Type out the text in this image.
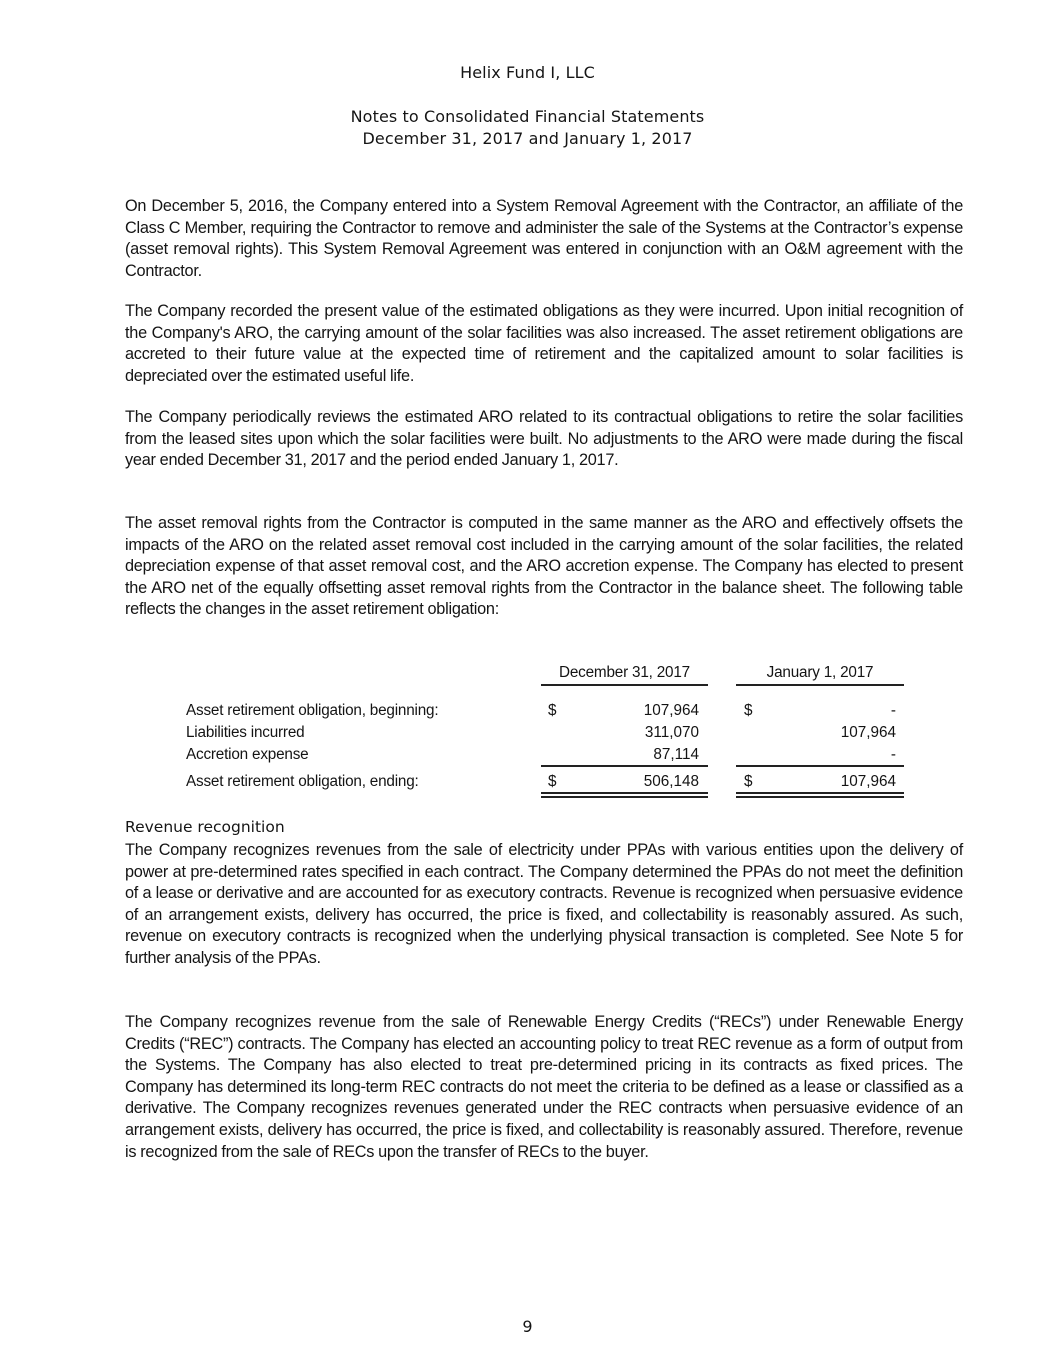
Helix Fund I, LLC
Notes to Consolidated Financial Statements
December 31, 2017 and January 1, 2017

On December 5, 2016, the Company entered into a System Removal Agreement with the Contractor, an affiliate of the Class C Member, requiring the Contractor to remove and administer the sale of the Systems at the Contractor’s expense (asset removal rights). This System Removal Agreement was entered in conjunction with an O&M agreement with the Contractor.

The Company recorded the present value of the estimated obligations as they were incurred. Upon initial recognition of the Company's ARO, the carrying amount of the solar facilities was also increased. The asset retirement obligations are accreted to their future value at the expected time of retirement and the capitalized amount to solar facilities is depreciated over the estimated useful life.

The Company periodically reviews the estimated ARO related to its contractual obligations to retire the solar facilities from the leased sites upon which the solar facilities were built. No adjustments to the ARO were made during the fiscal year ended December 31, 2017 and the period ended January 1, 2017.

The asset removal rights from the Contractor is computed in the same manner as the ARO and effectively offsets the impacts of the ARO on the related asset removal cost included in the carrying amount of the solar facilities, the related depreciation expense of that asset removal cost, and the ARO accretion expense. The Company has elected to present the ARO net of the equally offsetting asset removal rights from the Contractor in the balance sheet. The following table reflects the changes in the asset retirement obligation:

December 31, 2017	January 1, 2017
Asset retirement obligation, beginning:	$	107,964	$	-
Liabilities incurred	311,070	107,964
Accretion expense	87,114	-
Asset retirement obligation, ending:	$	506,148	$	107,964
Revenue recognition

The Company recognizes revenues from the sale of electricity under PPAs with various entities upon the delivery of power at pre-determined rates specified in each contract. The Company determined the PPAs do not meet the definition of a lease or derivative and are accounted for as executory contracts. Revenue is recognized when persuasive evidence of an arrangement exists, delivery has occurred, the price is fixed, and collectability is reasonably assured. As such, revenue on executory contracts is recognized when the underlying physical transaction is completed. See Note 5 for further analysis of the PPAs.

The Company recognizes revenue from the sale of Renewable Energy Credits (“RECs”) under Renewable Energy Credits (“REC”) contracts. The Company has elected an accounting policy to treat REC revenue as a form of output from the Systems. The Company has also elected to treat pre-determined pricing in its contracts as fixed prices. The Company has determined its long-term REC contracts do not meet the criteria to be defined as a lease or classified as a derivative. The Company recognizes revenues generated under the REC contracts when persuasive evidence of an arrangement exists, delivery has occurred, the price is fixed, and collectability is reasonably assured. Therefore, revenue is recognized from the sale of RECs upon the transfer of RECs to the buyer.

9
